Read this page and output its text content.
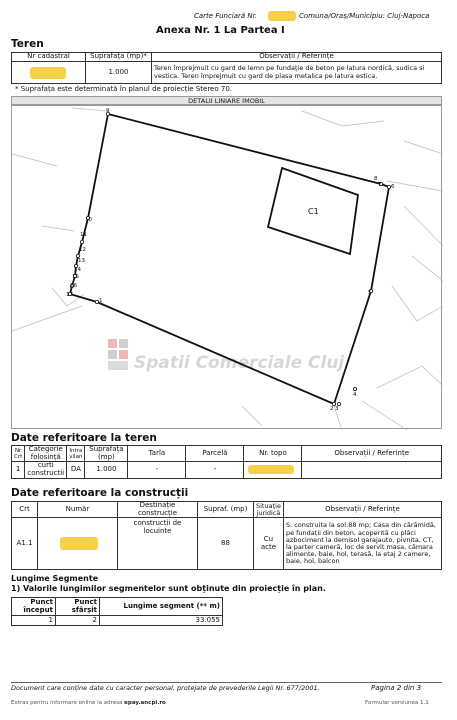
Carte Funciară Nr.	Comuna/Oraș/Municipiu: Cluj-Napoca
Anexa Nr. 1 La Partea I
Teren
Nr cadastral	Suprafața (mp)*	Observații / Referințe

	1.000	Teren împrejmuit cu gard de lemn pe fundație de beton pe latura nordică, sudica si vestica. Teren împrejmuit cu gard de plasa metalica pe latura estica.
* Suprafața este determinată în planul de proiecție Stereo 70.
DETALII LINIARE IMOBIL
Spatii Comerciale Cluj
C1
9
8
7 6
5
4
3
2
1
10
11
12
13
14
15
16
17
Date referitoare la teren
Nr Crt	Categorie folosință	Intra vilan	Suprafața (mp)	Tarla	Parcelă	Nr. topo	Observații / Referințe
1	curti constructii	DA	1.000	-	-	

Date referitoare la construcții
Crt	Număr	Destinație construcție	Supraf. (mp)	Situație juridică	Observații / Referințe
A1.1		constructii de locuinte	88	Cu acte	S. construita la sol:88 mp; Casa din cărămidă, pe fundații din beton, acoperită cu plăci azbociment la demisol garajauto, pivnita, CT, la parter cameră, loc de servit masa, cămara alimente, baie, hol, terasă, la etaj 2 camere, baie, hol, balcon
Lungime Segmente
1) Valorile lungimilor segmentelor sunt obținute din proiecție în plan.
Punct început	Punct sfârșit	Lungime segment (** m)
1	2	33.055
Document care conține date cu caracter personal, protejate de prevederile Legii Nr. 677/2001.	Pagina 2 din 3
Extras pentru informare online la adresa epay.ancpi.ro	Formular versiunea 1.1
